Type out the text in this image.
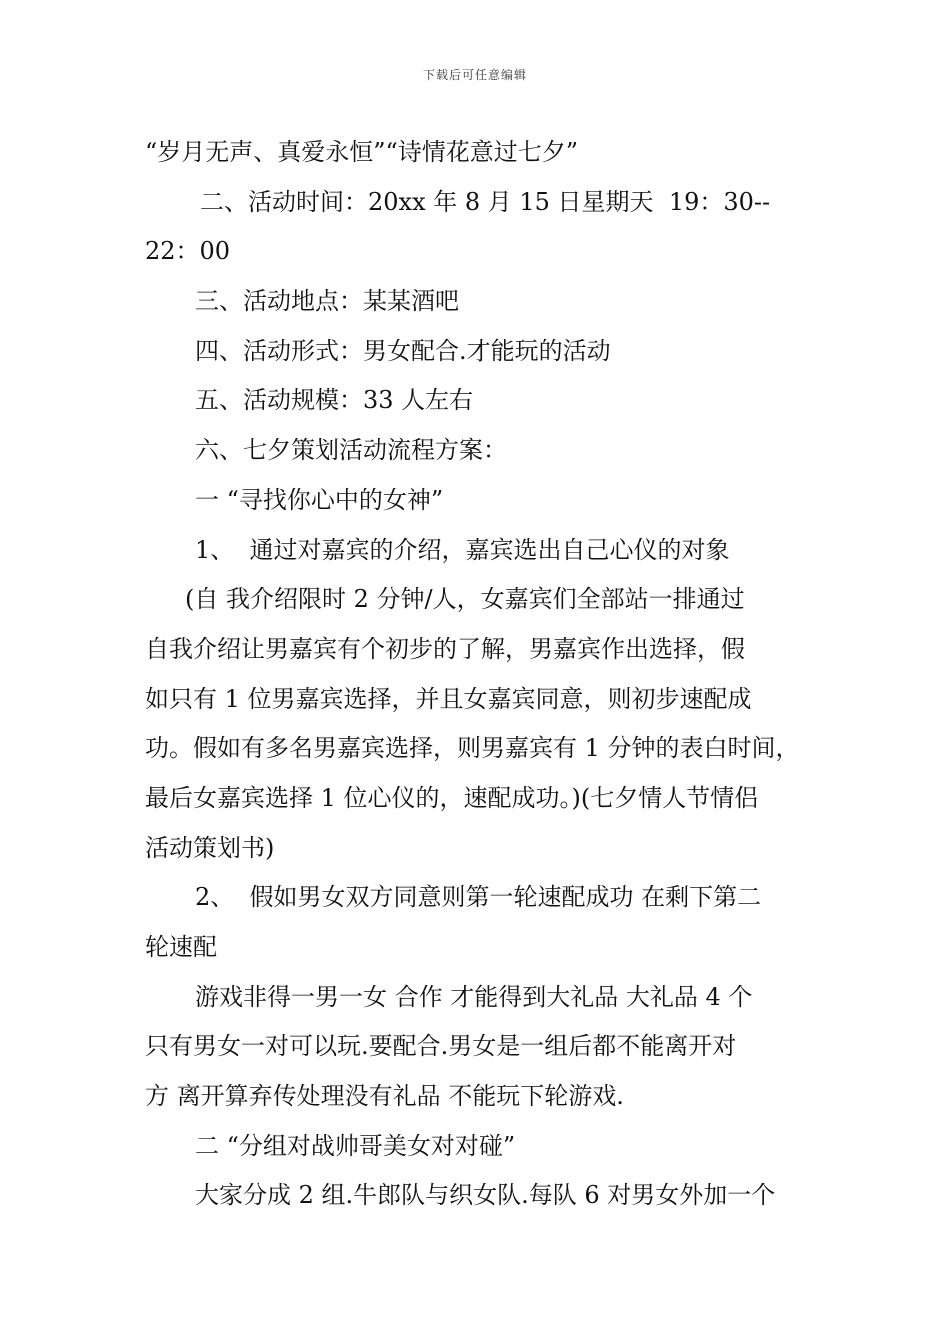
下载后可任意编辑

“岁月无声、真爱永恒”“诗情花意过七夕”

二、活动时间：20xx 年 8 月 15 日星期天  19：30--

22：00

三、活动地点：某某酒吧

四、活动形式：男女配合.才能玩的活动

五、活动规模：33 人左右

六、七夕策划活动流程方案：

一 “寻找你心中的女神”

1、  通过对嘉宾的介绍，嘉宾选出自己心仪的对象

(自 我介绍限时 2 分钟/人，女嘉宾们全部站一排通过

自我介绍让男嘉宾有个初步的了解，男嘉宾作出选择，假

如只有 1 位男嘉宾选择，并且女嘉宾同意，则初步速配成

功。假如有多名男嘉宾选择，则男嘉宾有 1 分钟的表白时间，

最后女嘉宾选择 1 位心仪的，速配成功。)(七夕情人节情侣

活动策划书)

2、  假如男女双方同意则第一轮速配成功 在剩下第二

轮速配

游戏非得一男一女 合作 才能得到大礼品 大礼品 4 个

只有男女一对可以玩.要配合.男女是一组后都不能离开对

方 离开算弃传处理没有礼品 不能玩下轮游戏.

二 “分组对战帅哥美女对对碰”

大家分成 2 组.牛郎队与织女队.每队 6 对男女外加一个
